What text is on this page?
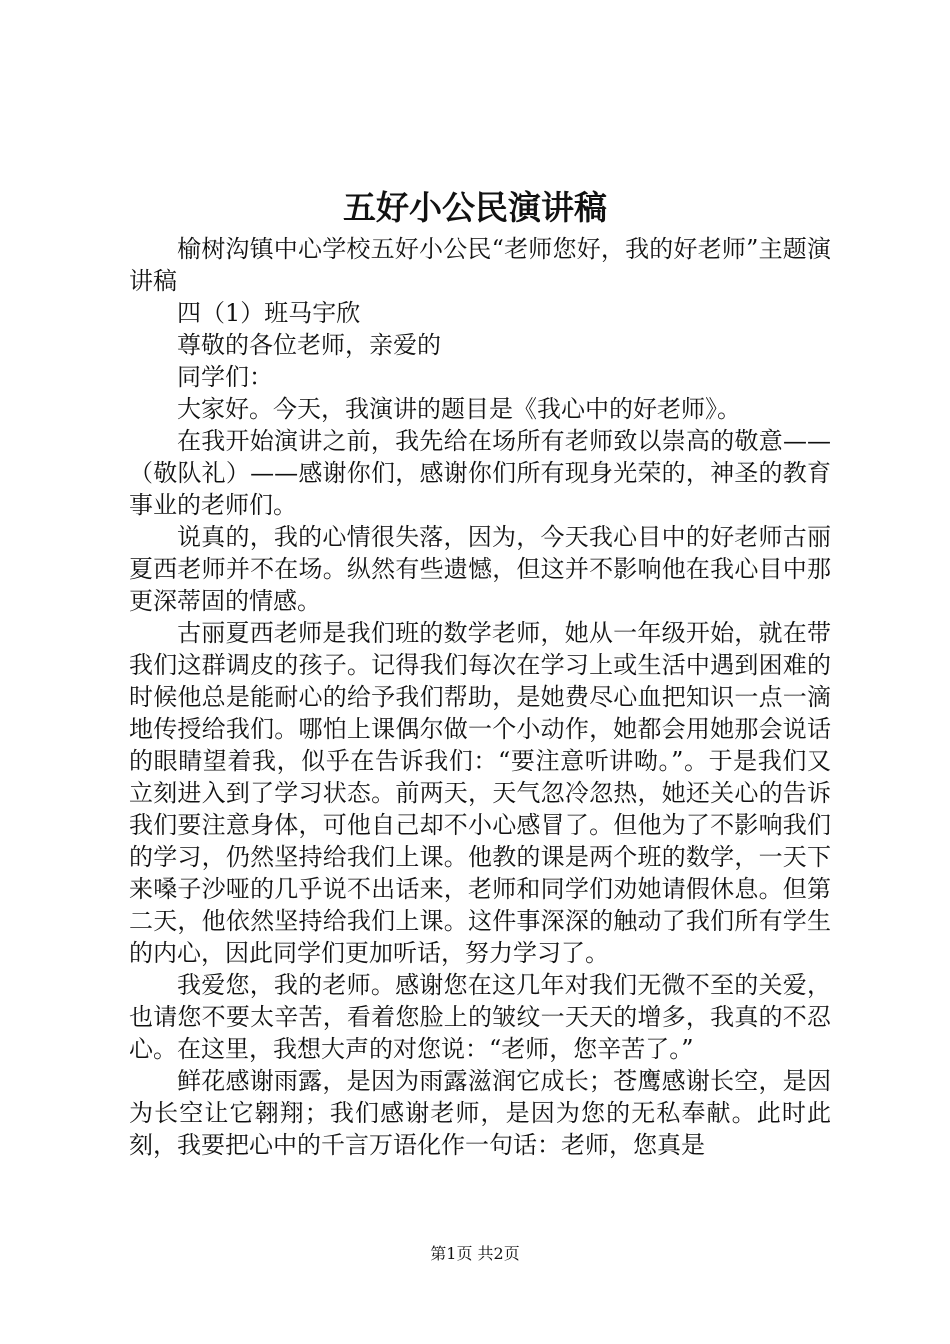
五好小公民演讲稿

榆树沟镇中心学校五好小公民“老师您好，我的好老师”主题演讲稿

四（1）班马宇欣

尊敬的各位老师，亲爱的

同学们：

大家好。今天，我演讲的题目是《我心中的好老师》。

在我开始演讲之前，我先给在场所有老师致以崇高的敬意——（敬队礼）——感谢你们，感谢你们所有现身光荣的，神圣的教育事业的老师们。

说真的，我的心情很失落，因为，今天我心目中的好老师古丽夏西老师并不在场。纵然有些遗憾，但这并不影响他在我心目中那更深蒂固的情感。

古丽夏西老师是我们班的数学老师，她从一年级开始，就在带我们这群调皮的孩子。记得我们每次在学习上或生活中遇到困难的时候他总是能耐心的给予我们帮助，是她费尽心血把知识一点一滴地传授给我们。哪怕上课偶尔做一个小动作，她都会用她那会说话的眼睛望着我，似乎在告诉我们：“要注意听讲呦。”。于是我们又立刻进入到了学习状态。前两天，天气忽冷忽热，她还关心的告诉我们要注意身体，可他自己却不小心感冒了。但他为了不影响我们的学习，仍然坚持给我们上课。他教的课是两个班的数学，一天下来嗓子沙哑的几乎说不出话来，老师和同学们劝她请假休息。但第二天，他依然坚持给我们上课。这件事深深的触动了我们所有学生的内心，因此同学们更加听话，努力学习了。

我爱您，我的老师。感谢您在这几年对我们无微不至的关爱，也请您不要太辛苦，看着您脸上的皱纹一天天的增多，我真的不忍心。在这里，我想大声的对您说：“老师，您辛苦了。”

鲜花感谢雨露，是因为雨露滋润它成长；苍鹰感谢长空，是因为长空让它翱翔；我们感谢老师，是因为您的无私奉献。此时此刻，我要把心中的千言万语化作一句话：老师，您真是

第1页 共2页
